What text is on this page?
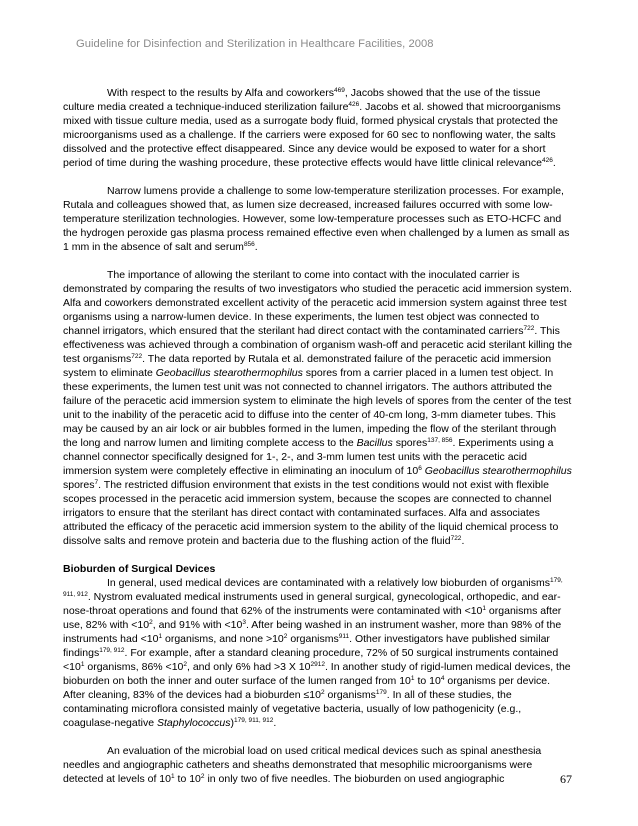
Guideline for Disinfection and Sterilization in Healthcare Facilities, 2008

With respect to the results by Alfa and coworkers$^{469}$, Jacobs showed that the use of the tissue culture media created a technique-induced sterilization failure$^{426}$. Jacobs et al. showed that microorganisms mixed with tissue culture media, used as a surrogate body fluid, formed physical crystals that protected the microorganisms used as a challenge. If the carriers were exposed for 60 sec to nonflowing water, the salts dissolved and the protective effect disappeared. Since any device would be exposed to water for a short period of time during the washing procedure, these protective effects would have little clinical relevance$^{426}$.

Narrow lumens provide a challenge to some low-temperature sterilization processes. For example, Rutala and colleagues showed that, as lumen size decreased, increased failures occurred with some low-temperature sterilization technologies. However, some low-temperature processes such as ETO-HCFC and the hydrogen peroxide gas plasma process remained effective even when challenged by a lumen as small as 1 mm in the absence of salt and serum$^{856}$.

The importance of allowing the sterilant to come into contact with the inoculated carrier is demonstrated by comparing the results of two investigators who studied the peracetic acid immersion system. Alfa and coworkers demonstrated excellent activity of the peracetic acid immersion system against three test organisms using a narrow-lumen device. In these experiments, the lumen test object was connected to channel irrigators, which ensured that the sterilant had direct contact with the contaminated carriers$^{722}$. This effectiveness was achieved through a combination of organism wash-off and peracetic acid sterilant killing the test organisms$^{722}$. The data reported by Rutala et al. demonstrated failure of the peracetic acid immersion system to eliminate Geobacillus stearothermophilus spores from a carrier placed in a lumen test object. In these experiments, the lumen test unit was not connected to channel irrigators. The authors attributed the failure of the peracetic acid immersion system to eliminate the high levels of spores from the center of the test unit to the inability of the peracetic acid to diffuse into the center of 40-cm long, 3-mm diameter tubes. This may be caused by an air lock or air bubbles formed in the lumen, impeding the flow of the sterilant through the long and narrow lumen and limiting complete access to the Bacillus spores$^{137, 856}$. Experiments using a channel connector specifically designed for 1-, 2-, and 3-mm lumen test units with the peracetic acid immersion system were completely effective in eliminating an inoculum of $10^6$ Geobacillus stearothermophilus spores$^7$. The restricted diffusion environment that exists in the test conditions would not exist with flexible scopes processed in the peracetic acid immersion system, because the scopes are connected to channel irrigators to ensure that the sterilant has direct contact with contaminated surfaces. Alfa and associates attributed the efficacy of the peracetic acid immersion system to the ability of the liquid chemical process to dissolve salts and remove protein and bacteria due to the flushing action of the fluid$^{722}$.

Bioburden of Surgical Devices

In general, used medical devices are contaminated with a relatively low bioburden of organisms$^{179, 911, 912}$. Nystrom evaluated medical instruments used in general surgical, gynecological, orthopedic, and ear-nose-throat operations and found that 62% of the instruments were contaminated with $<10^1$ organisms after use, 82% with $<10^2$, and 91% with $<10^3$. After being washed in an instrument washer, more than 98% of the instruments had $<10^1$ organisms, and none $>10^2$ organisms$^{911}$. Other investigators have published similar findings$^{179, 912}$. For example, after a standard cleaning procedure, 72% of 50 surgical instruments contained $<10^1$ organisms, $86\% <10^2$, and only 6% had >3 X $10^{2912}$. In another study of rigid-lumen medical devices, the bioburden on both the inner and outer surface of the lumen ranged from $10^1$ to $10^4$ organisms per device. After cleaning, 83% of the devices had a bioburden $\le 10^2$ organisms$^{179}$. In all of these studies, the contaminating microflora consisted mainly of vegetative bacteria, usually of low pathogenicity (e.g., coagulase-negative Staphylococcus)$^{179, 911, 912}$.

An evaluation of the microbial load on used critical medical devices such as spinal anesthesia needles and angiographic catheters and sheaths demonstrated that mesophilic microorganisms were detected at levels of $10^1$ to $10^2$ in only two of five needles. The bioburden on used angiographic	67
